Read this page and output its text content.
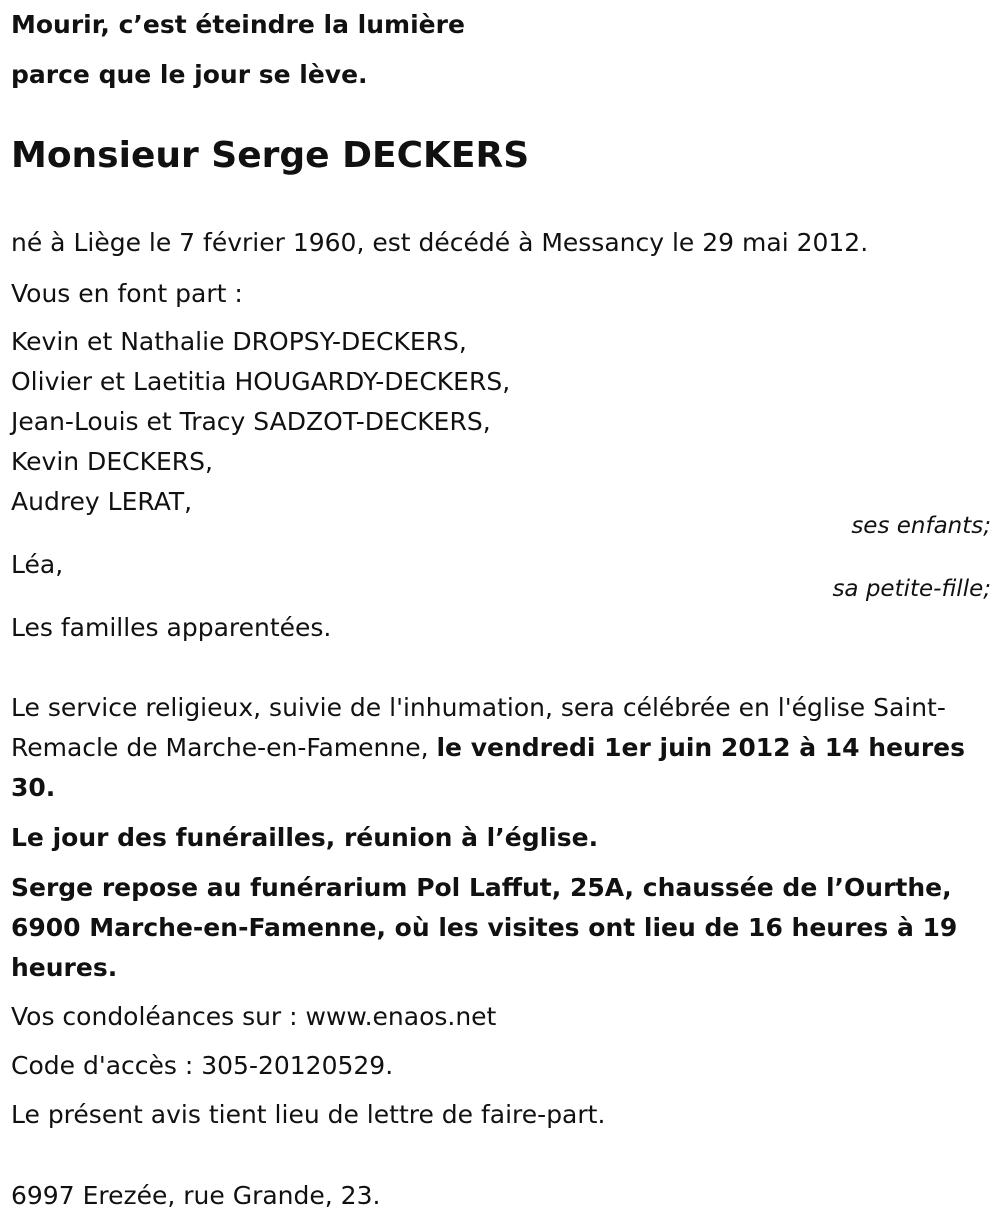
Mourir, c’est éteindre la lumière
parce que le jour se lève.
Monsieur Serge DECKERS
né à Liège le 7 février 1960, est décédé à Messancy le 29 mai 2012.
Vous en font part :
Kevin et Nathalie DROPSY-DECKERS,
Olivier et Laetitia HOUGARDY-DECKERS,
Jean-Louis et Tracy SADZOT-DECKERS,
Kevin DECKERS,
Audrey LERAT,
ses enfants;
Léa,
sa petite-fille;
Les familles apparentées.
Le service religieux, suivie de l'inhumation, sera célébrée en l'église Saint-
Remacle de Marche-en-Famenne, le vendredi 1er juin 2012 à 14 heures
30.
Le jour des funérailles, réunion à l’église.
Serge repose au funérarium Pol Laffut, 25A, chaussée de l’Ourthe,
6900 Marche-en-Famenne, où les visites ont lieu de 16 heures à 19
heures.
Vos condoléances sur : www.enaos.net
Code d'accès : 305-20120529.
Le présent avis tient lieu de lettre de faire-part.
6997 Erezée, rue Grande, 23.
